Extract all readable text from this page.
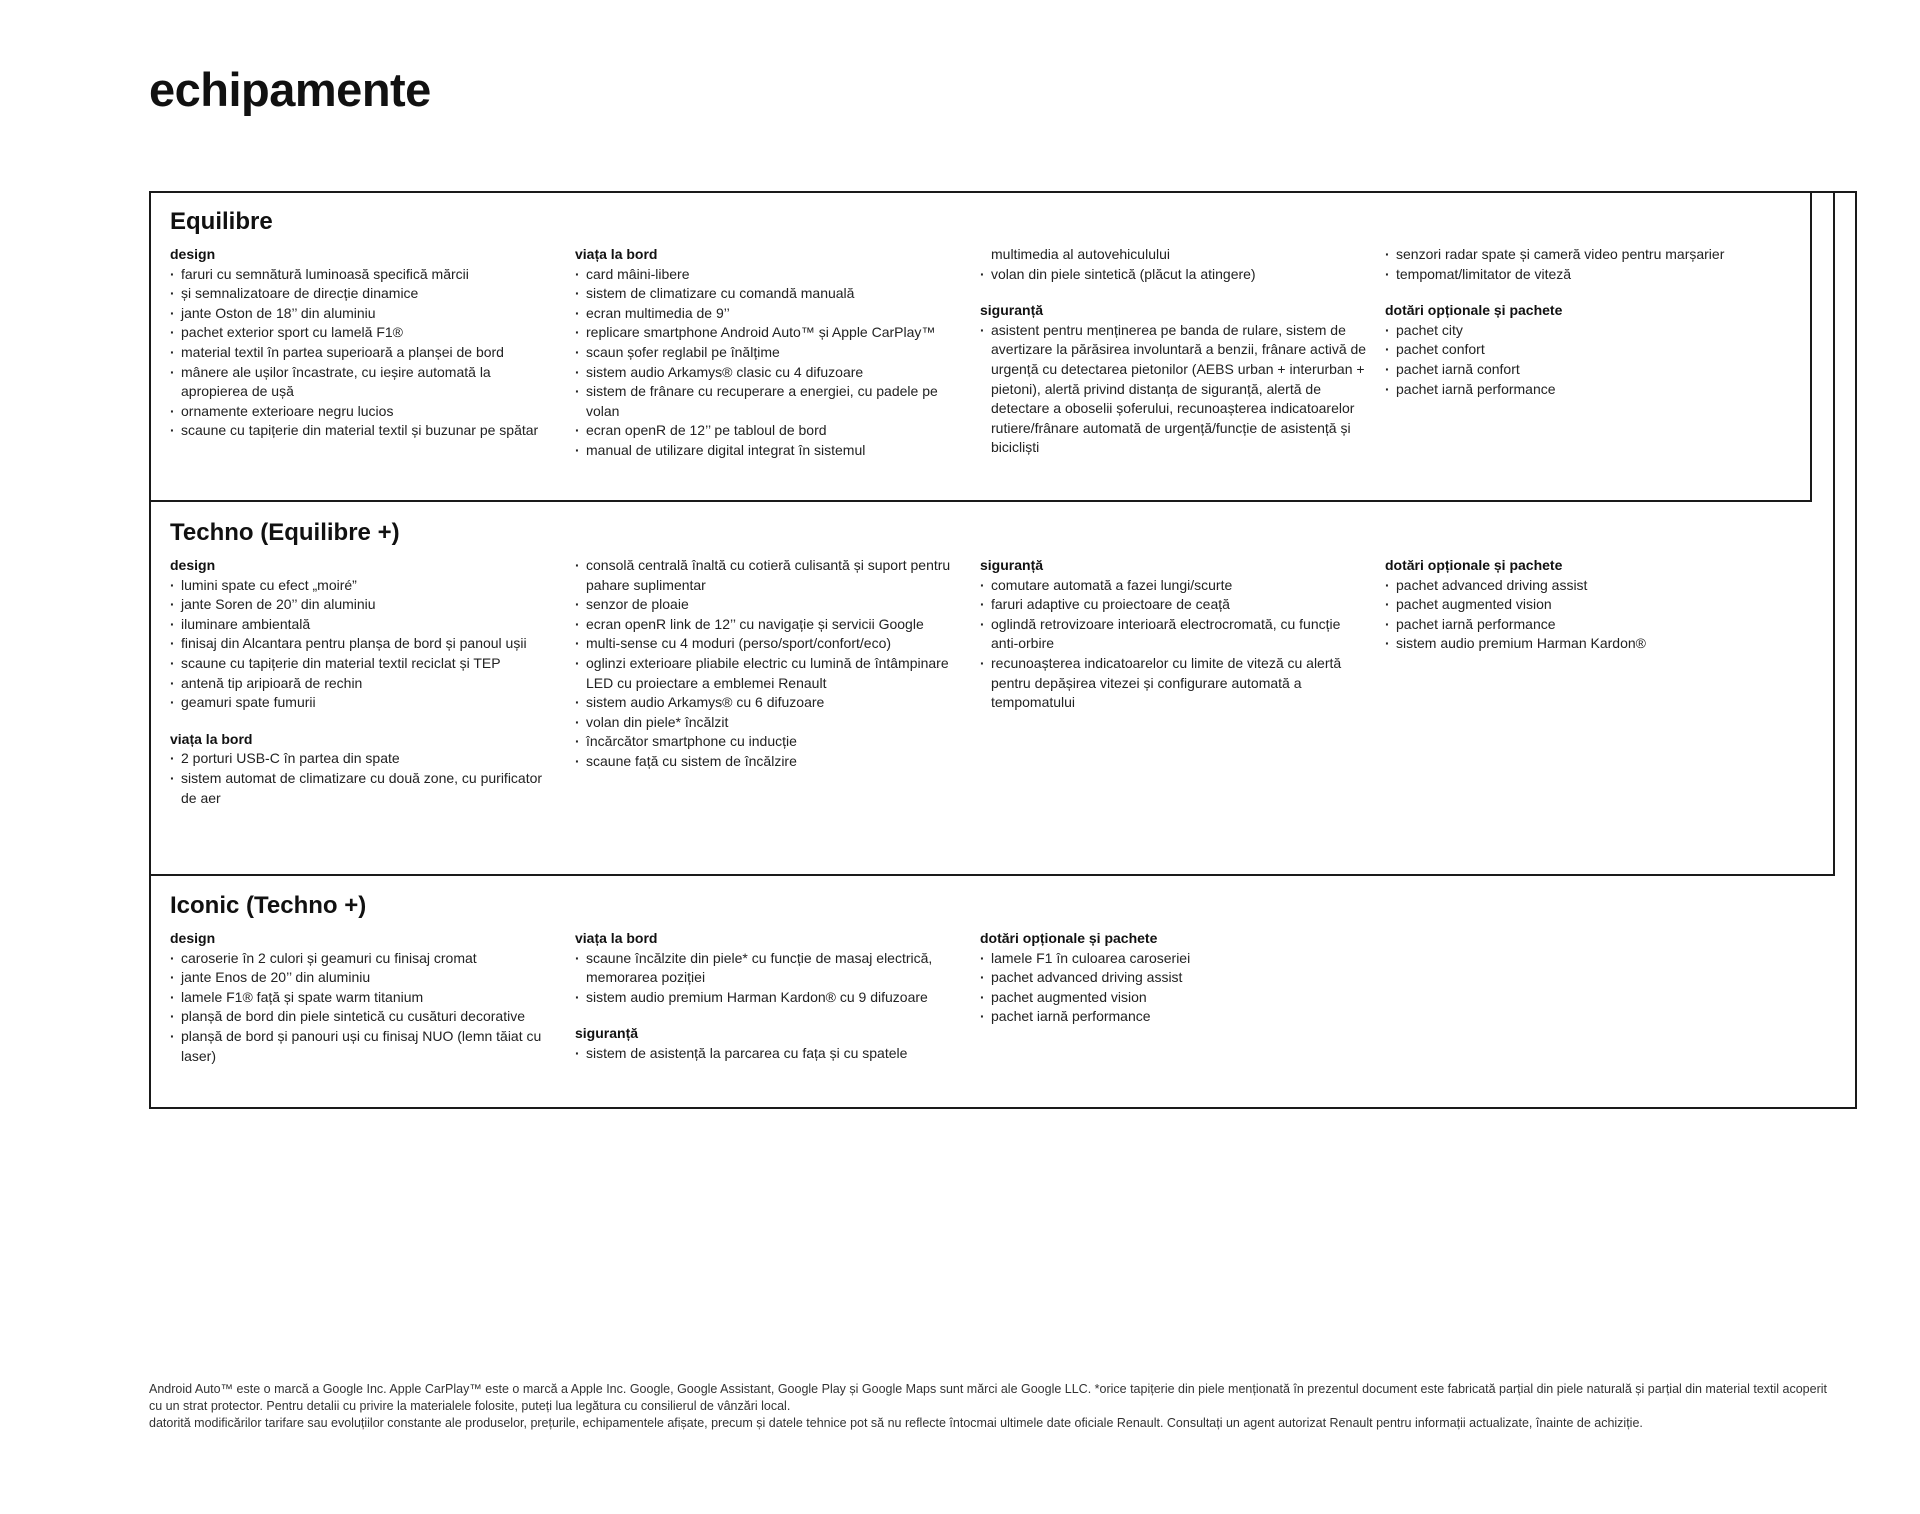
echipamente
Equilibre
design
· faruri cu semnătură luminoasă specifică mărcii
· și semnalizatoare de direcție dinamice
· jante Oston de 18’’ din aluminiu
· pachet exterior sport cu lamelă F1®
· material textil în partea superioară a planșei de bord
· mânere ale ușilor încastrate, cu ieșire automată la apropierea de ușă
· ornamente exterioare negru lucios
· scaune cu tapițerie din material textil și buzunar pe spătar
viața la bord
· card mâini-libere
· sistem de climatizare cu comandă manuală
· ecran multimedia de 9’’
· replicare smartphone Android Auto™ și Apple CarPlay™
· scaun șofer reglabil pe înălțime
· sistem audio Arkamys® clasic cu 4 difuzoare
· sistem de frânare cu recuperare a energiei, cu padele pe volan
· ecran openR de 12’’ pe tabloul de bord
· manual de utilizare digital integrat în sistemul
multimedia al autovehiculului
· volan din piele sintetică (plăcut la atingere)
siguranță
· asistent pentru menținerea pe banda de rulare, sistem de avertizare la părăsirea involuntară a benzii, frânare activă de urgență cu detectarea pietonilor (AEBS urban + interurban + pietoni), alertă privind distanța de siguranță, alertă de detectare a oboselii șoferului, recunoașterea indicatoarelor rutiere/frânare automată de urgență/funcție de asistență și bicicliști
· senzori radar spate și cameră video pentru marșarier
· tempomat/limitator de viteză
dotări opționale și pachete
· pachet city
· pachet confort
· pachet iarnă confort
· pachet iarnă performance
Techno (Equilibre +)
design
· lumini spate cu efect „moiré”
· jante Soren de 20’’ din aluminiu
· iluminare ambientală
· finisaj din Alcantara pentru planșa de bord și panoul ușii
· scaune cu tapițerie din material textil reciclat și TEP
· antenă tip aripioară de rechin
· geamuri spate fumurii
viața la bord
· 2 porturi USB-C în partea din spate
· sistem automat de climatizare cu două zone, cu purificator de aer
· consolă centrală înaltă cu cotieră culisantă și suport pentru pahare suplimentar
· senzor de ploaie
· ecran openR link de 12’’ cu navigație și servicii Google
· multi-sense cu 4 moduri (perso/sport/confort/eco)
· oglinzi exterioare pliabile electric cu lumină de întâmpinare LED cu proiectare a emblemei Renault
· sistem audio Arkamys® cu 6 difuzoare
· volan din piele* încălzit
· încărcător smartphone cu inducție
· scaune față cu sistem de încălzire
siguranță
· comutare automată a fazei lungi/scurte
· faruri adaptive cu proiectoare de ceață
· oglindă retrovizoare interioară electrocromată, cu funcție anti-orbire
· recunoașterea indicatoarelor cu limite de viteză cu alertă pentru depășirea vitezei și configurare automată a tempomatului
dotări opționale și pachete
· pachet advanced driving assist
· pachet augmented vision
· pachet iarnă performance
· sistem audio premium Harman Kardon®
Iconic (Techno +)
design
· caroserie în 2 culori și geamuri cu finisaj cromat
· jante Enos de 20’’ din aluminiu
· lamele F1® față și spate warm titanium
· planșă de bord din piele sintetică cu cusături decorative
· planșă de bord și panouri uși cu finisaj NUO (lemn tăiat cu laser)
viața la bord
· scaune încălzite din piele* cu funcție de masaj electrică, memorarea poziției
· sistem audio premium Harman Kardon® cu 9 difuzoare
siguranță
· sistem de asistență la parcarea cu fața și cu spatele
dotări opționale și pachete
· lamele F1 în culoarea caroseriei
· pachet advanced driving assist
· pachet augmented vision
· pachet iarnă performance

Android Auto™ este o marcă a Google Inc. Apple CarPlay™ este o marcă a Apple Inc. Google, Google Assistant, Google Play și Google Maps sunt mărci ale Google LLC. *orice tapițerie din piele menționată în prezentul document este fabricată parțial din piele naturală și parțial din material textil acoperit cu un strat protector. Pentru detalii cu privire la materialele folosite, puteți lua legătura cu consilierul de vânzări local.

datorită modificărilor tarifare sau evoluțiilor constante ale produselor, prețurile, echipamentele afișate, precum și datele tehnice pot să nu reflecte întocmai ultimele date oficiale Renault. Consultați un agent autorizat Renault pentru informații actualizate, înainte de achiziție.
